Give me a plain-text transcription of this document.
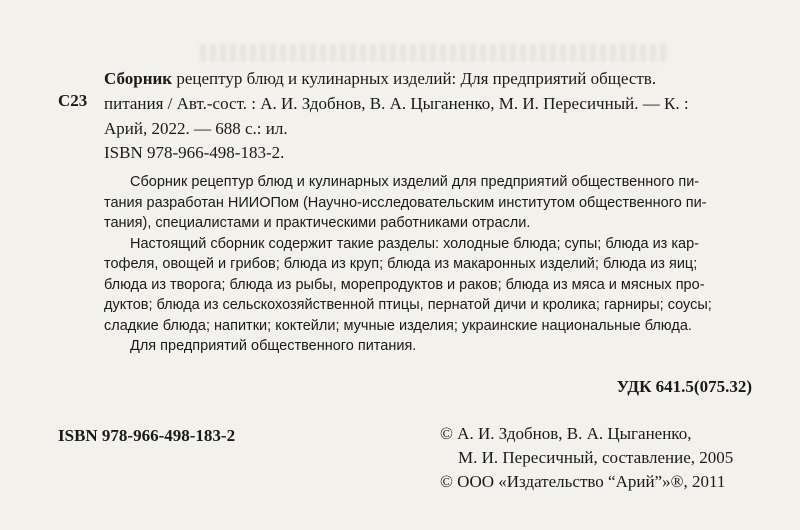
С23
Сборник рецептур блюд и кулинарных изделий: Для предприятий обществ.
питания / Авт.-сост. : А. И. Здобнов, В. А. Цыганенко, М. И. Пересичный. — К. :
Арий, 2022. — 688 с.: ил.
ISBN 978-966-498-183-2.
Сборник рецептур блюд и кулинарных изделий для предприятий общественного пи-
тания разработан НИИОПом (Научно-исследовательским институтом общественного пи-
тания), специалистами и практическими работниками отрасли.
Настоящий сборник содержит такие разделы: холодные блюда; супы; блюда из кар-
тофеля, овощей и грибов; блюда из круп; блюда из макаронных изделий; блюда из яиц;
блюда из творога; блюда из рыбы, морепродуктов и раков; блюда из мяса и мясных про-
дуктов; блюда из сельскохозяйственной птицы, пернатой дичи и кролика; гарниры; соусы;
сладкие блюда; напитки; коктейли; мучные изделия; украинские национальные блюда.
Для предприятий общественного питания.
УДК 641.5(075.32)
ISBN 978-966-498-183-2	© А. И. Здобнов, В. А. Цыганенко,
М. И. Пересичный, составление, 2005
© ООО «Издательство “Арий”»®, 2011
